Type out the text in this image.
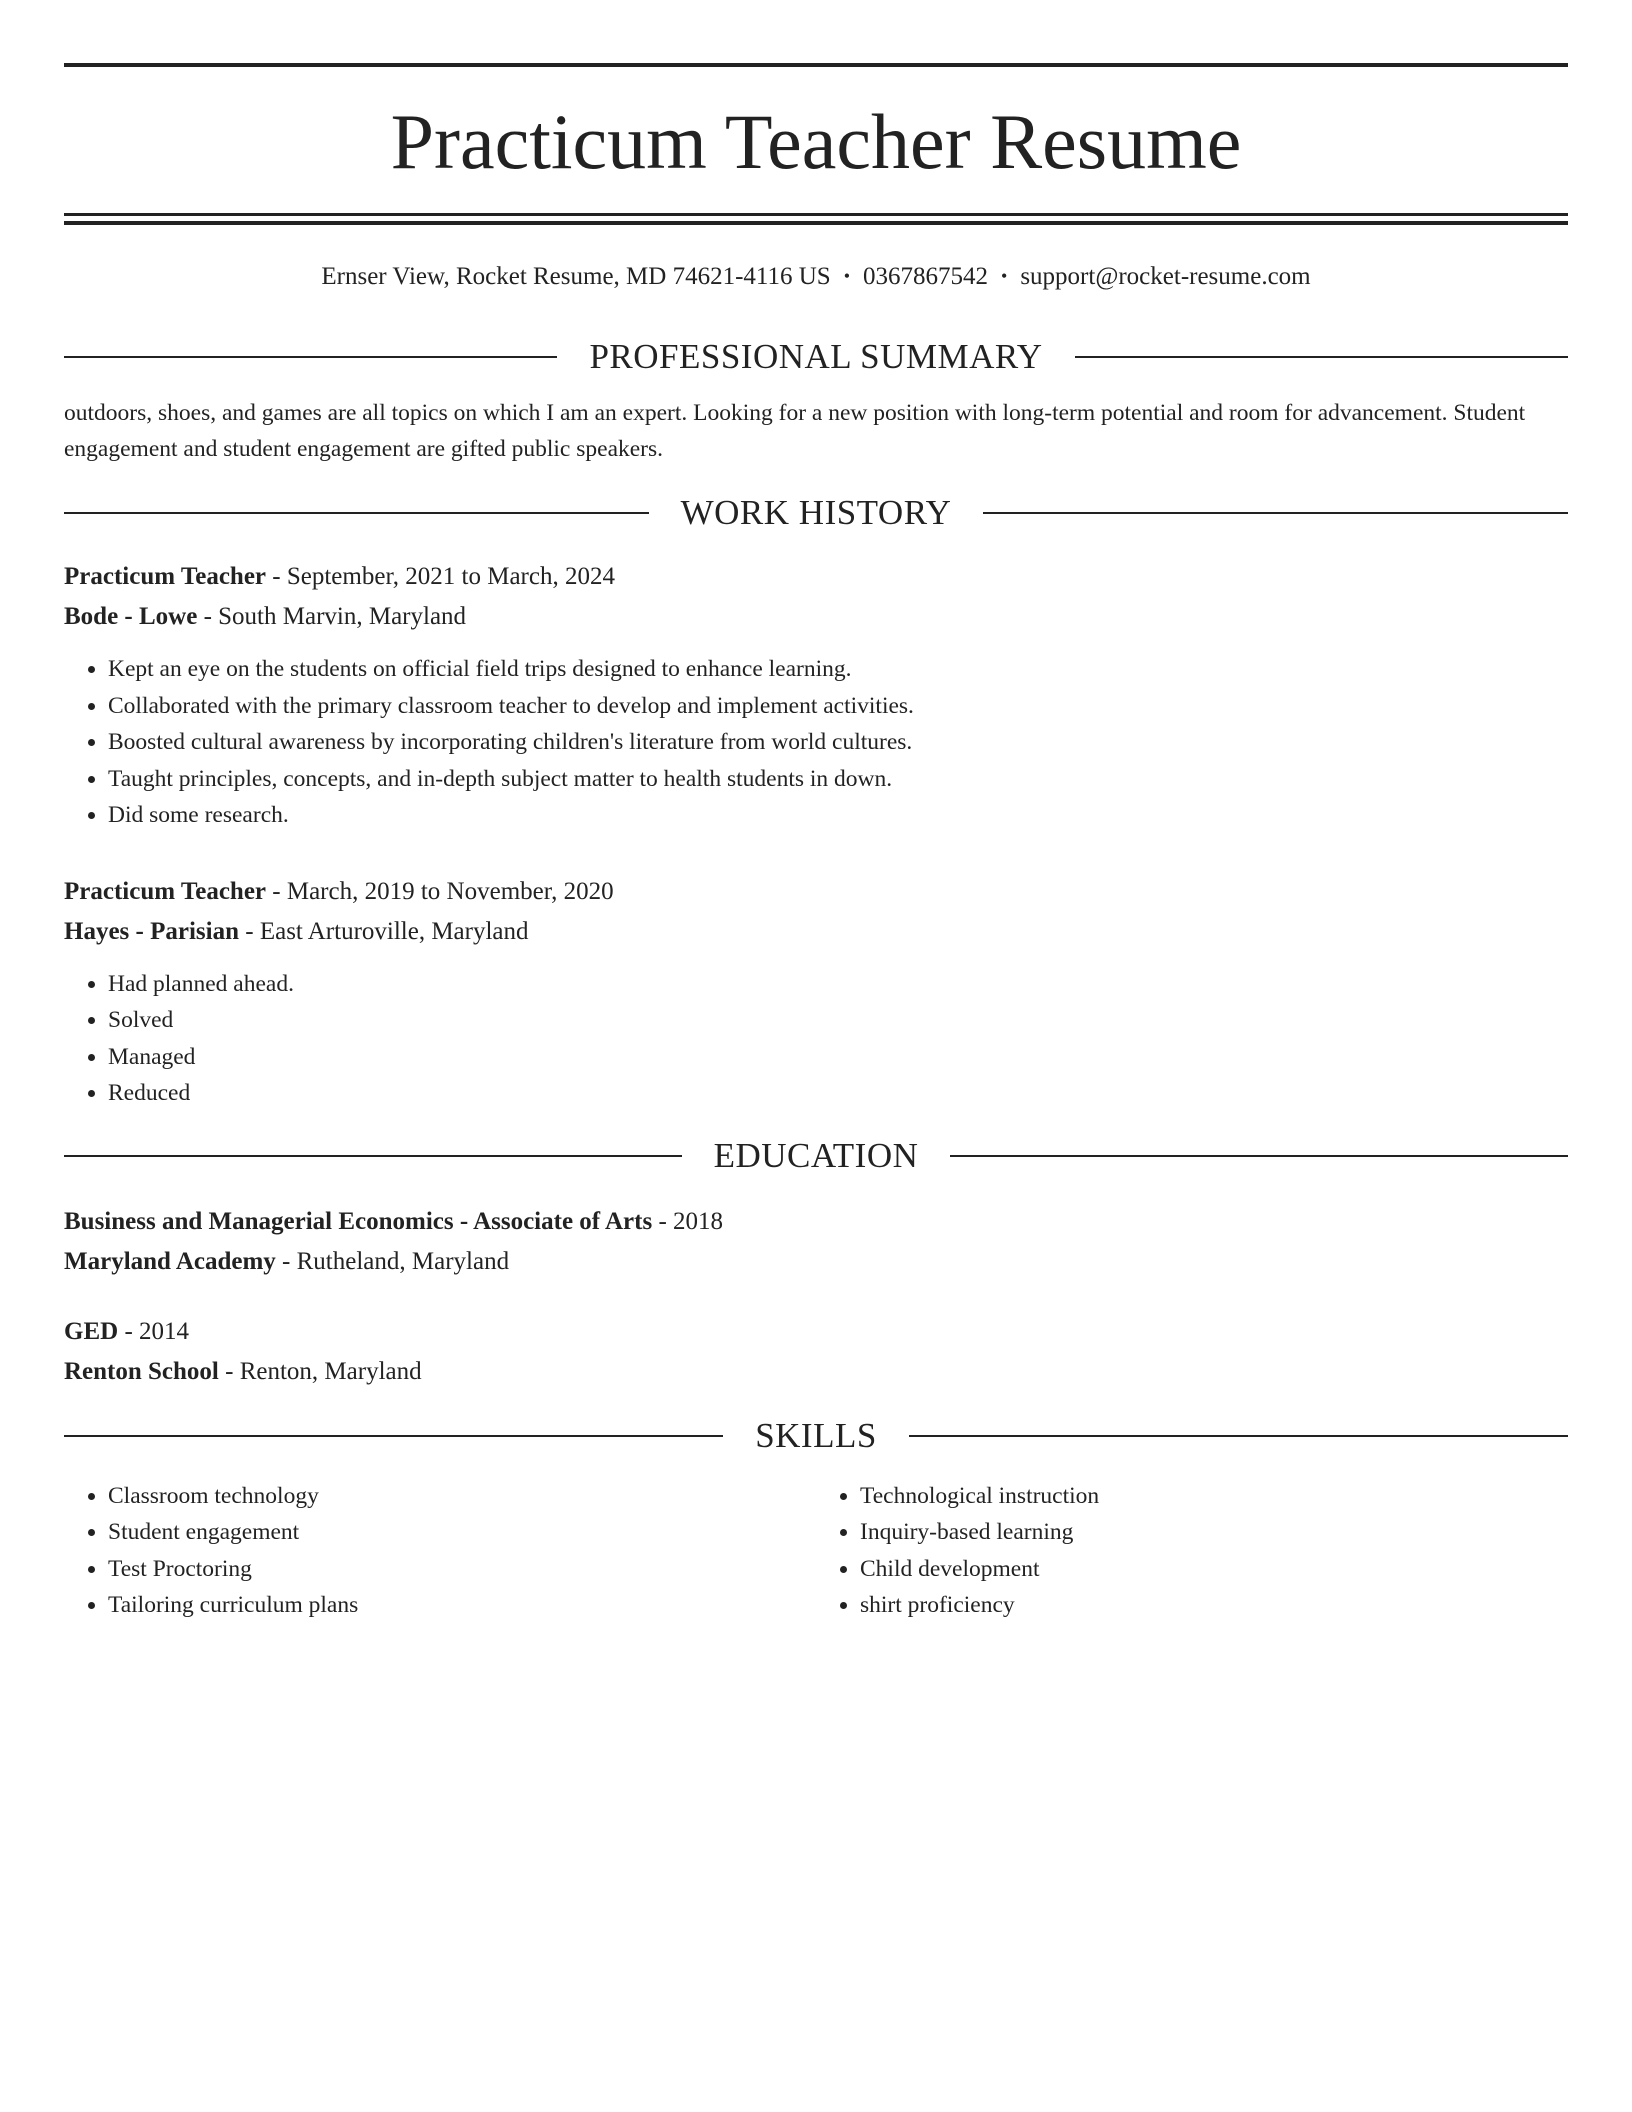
Practicum Teacher Resume
Ernser View, Rocket Resume, MD 74621-4116 US • 0367867542 • support@rocket-resume.com
PROFESSIONAL SUMMARY

outdoors, shoes, and games are all topics on which I am an expert. Looking for a new position with long-term potential and room for advancement. Student engagement and student engagement are gifted public speakers.

WORK HISTORY
Practicum Teacher - September, 2021 to March, 2024
Bode - Lowe - South Marvin, Maryland
• Kept an eye on the students on official field trips designed to enhance learning.
• Collaborated with the primary classroom teacher to develop and implement activities.
• Boosted cultural awareness by incorporating children's literature from world cultures.
• Taught principles, concepts, and in-depth subject matter to health students in down.
• Did some research.
Practicum Teacher - March, 2019 to November, 2020
Hayes - Parisian - East Arturoville, Maryland
• Had planned ahead.
• Solved
• Managed
• Reduced
EDUCATION
Business and Managerial Economics - Associate of Arts - 2018
Maryland Academy - Rutheland, Maryland
GED - 2014
Renton School - Renton, Maryland
SKILLS
• Classroom technology
• Student engagement
• Test Proctoring
• Tailoring curriculum plans
• Technological instruction
• Inquiry-based learning
• Child development
• shirt proficiency
